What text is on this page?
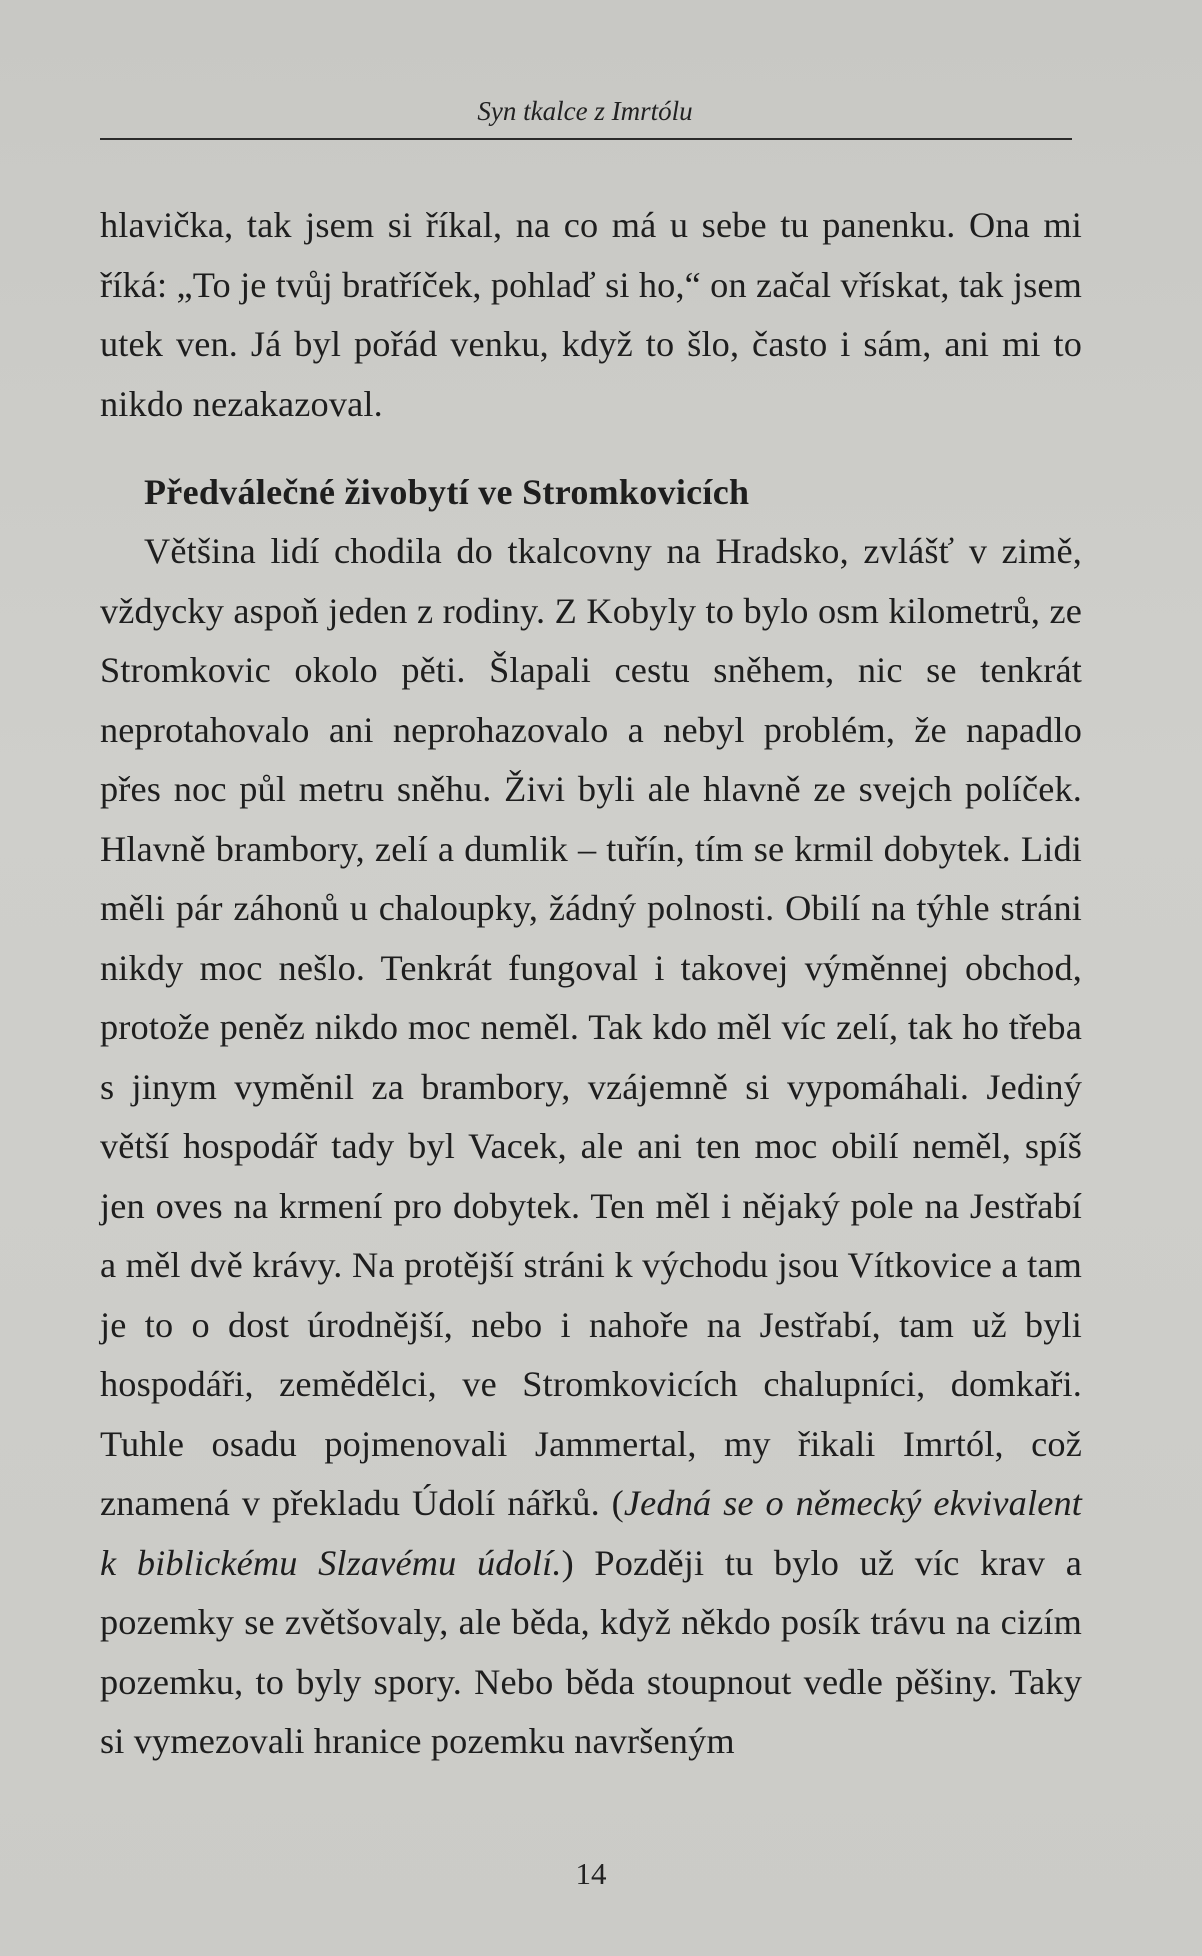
Syn tkalce z Imrtólu

hlavička, tak jsem si říkal, na co má u sebe tu panenku. Ona mi říká: „To je tvůj bratříček, pohlaď si ho,“ on začal vřískat, tak jsem utek ven. Já byl pořád venku, když to šlo, často i sám, ani mi to nikdo nezakazoval.

Předválečné živobytí ve Stromkovicích

Většina lidí chodila do tkalcovny na Hradsko, zvlášť v zimě, vždycky aspoň jeden z rodiny. Z Kobyly to bylo osm kilometrů, ze Stromkovic okolo pěti. Šlapali cestu sněhem, nic se tenkrát neprotahovalo ani neprohazovalo a nebyl problém, že napadlo přes noc půl metru sněhu. Živi byli ale hlavně ze svejch políček. Hlavně brambory, zelí a dumlik – tuřín, tím se krmil dobytek. Lidi měli pár záhonů u chaloupky, žádný polnosti. Obilí na týhle stráni nikdy moc nešlo. Tenkrát fungoval i takovej výměnnej obchod, protože peněz nikdo moc neměl. Tak kdo měl víc zelí, tak ho třeba s jinym vyměnil za brambory, vzájemně si vypomáhali. Jediný větší hospodář tady byl Vacek, ale ani ten moc obilí neměl, spíš jen oves na krmení pro dobytek. Ten měl i nějaký pole na Jestřabí a měl dvě krávy. Na protější stráni k východu jsou Vítkovice a tam je to o dost úrodnější, nebo i nahoře na Jestřabí, tam už byli hospodáři, zemědělci, ve Stromkovicích chalupníci, domkaři. Tuhle osadu pojmenovali Jammertal, my řikali Imrtól, což znamená v překladu Údolí nářků. (Jedná se o německý ekvivalent k biblickému Slzavému údolí.) Později tu bylo už víc krav a pozemky se zvětšovaly, ale běda, když někdo posík trávu na cizím pozemku, to byly spory. Nebo běda stoupnout vedle pěšiny. Taky si vymezovali hranice pozemku navršeným

14
